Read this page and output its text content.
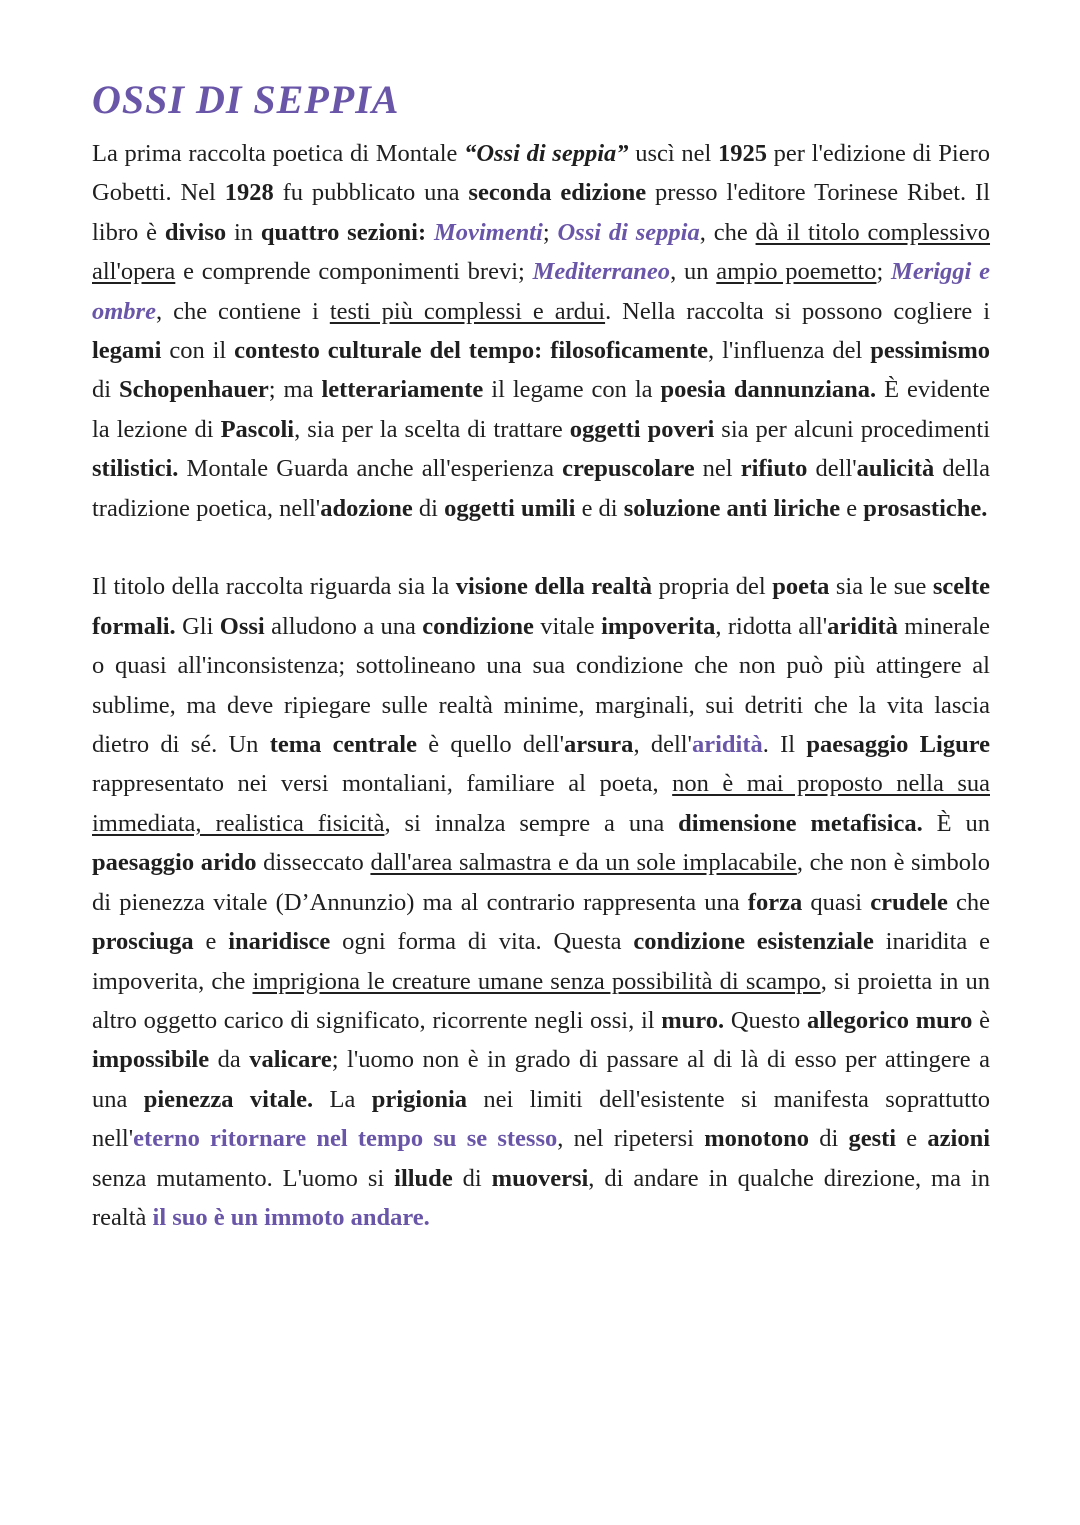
OSSI DI SEPPIA

La prima raccolta poetica di Montale “Ossi di seppia” uscì nel 1925 per l'edizione di Piero Gobetti. Nel 1928 fu pubblicato una seconda edizione presso l'editore Torinese Ribet. Il libro è diviso in quattro sezioni: Movimenti; Ossi di seppia, che dà il titolo complessivo all'opera e comprende componimenti brevi; Mediterraneo, un ampio poemetto; Meriggi e ombre, che contiene i testi più complessi e ardui. Nella raccolta si possono cogliere i legami con il contesto culturale del tempo: filosoficamente, l'influenza del pessimismo di Schopenhauer; ma letterariamente il legame con la poesia dannunziana. È evidente la lezione di Pascoli, sia per la scelta di trattare oggetti poveri sia per alcuni procedimenti stilistici. Montale Guarda anche all'esperienza crepuscolare nel rifiuto dell'aulicità della tradizione poetica, nell'adozione di oggetti umili e di soluzione anti liriche e prosastiche.

Il titolo della raccolta riguarda sia la visione della realtà propria del poeta sia le sue scelte formali. Gli Ossi alludono a una condizione vitale impoverita, ridotta all'aridità minerale o quasi all'inconsistenza; sottolineano una sua condizione che non può più attingere al sublime, ma deve ripiegare sulle realtà minime, marginali, sui detriti che la vita lascia dietro di sé. Un tema centrale è quello dell'arsura, dell'aridità. Il paesaggio Ligure rappresentato nei versi montaliani, familiare al poeta, non è mai proposto nella sua immediata, realistica fisicità, si innalza sempre a una dimensione metafisica. È un paesaggio arido disseccato dall'area salmastra e da un sole implacabile, che non è simbolo di pienezza vitale (D’Annunzio) ma al contrario rappresenta una forza quasi crudele che prosciuga e inaridisce ogni forma di vita. Questa condizione esistenziale inaridita e impoverita, che imprigiona le creature umane senza possibilità di scampo, si proietta in un altro oggetto carico di significato, ricorrente negli ossi, il muro. Questo allegorico muro è impossibile da valicare; l'uomo non è in grado di passare al di là di esso per attingere a una pienezza vitale. La prigionia nei limiti dell'esistente si manifesta soprattutto nell'eterno ritornare nel tempo su se stesso, nel ripetersi monotono di gesti e azioni senza mutamento. L'uomo si illude di muoversi, di andare in qualche direzione, ma in realtà il suo è un immoto andare.
